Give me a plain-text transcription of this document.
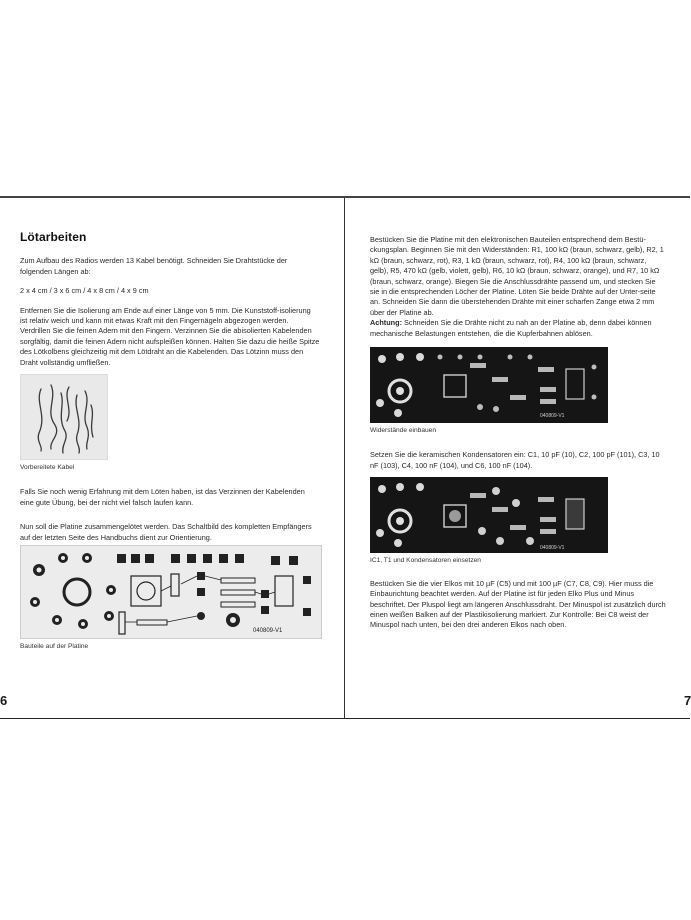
Lötarbeiten

Zum Aufbau des Radios werden 13 Kabel benötigt. Schneiden Sie Drahtstücke der folgenden Längen ab:

2 x 4 cm / 3 x 6 cm / 4 x 8 cm / 4 x 9 cm

Entfernen Sie die Isolierung am Ende auf einer Länge von 5 mm. Die Kunststoff-isolierung ist relativ weich und kann mit etwas Kraft mit den Fingernägeln abgezogen werden. Verdrillen Sie die feinen Adern mit den Fingern. Verzinnen Sie die abisolierten Kabelenden sorgfältig, damit die feinen Adern nicht aufspleißen können. Halten Sie dazu die heiße Spitze des Lötkolbens gleichzeitig mit dem Lötdraht an die Kabelenden. Das Lötzinn muss den Draht vollständig umfließen.

Vorbereitete Kabel

Falls Sie noch wenig Erfahrung mit dem Löten haben, ist das Verzinnen der Kabelenden eine gute Übung, bei der nicht viel falsch laufen kann.

Nun soll die Platine zusammengelötet werden. Das Schaltbild des kompletten Empfängers auf der letzten Seite des Handbuchs dient zur Orientierung.

040809-V1
Bauteile auf der Platine
6

Bestücken Sie die Platine mit den elektronischen Bauteilen entsprechend dem Bestü-ckungsplan. Beginnen Sie mit den Widerständen: R1, 100 kΩ (braun, schwarz, gelb), R2, 1 kΩ (braun, schwarz, rot), R3, 1 kΩ (braun, schwarz, rot), R4, 100 kΩ (braun, schwarz, gelb), R5, 470 kΩ (gelb, violett, gelb), R6, 10 kΩ (braun, schwarz, orange), und R7, 10 kΩ (braun, schwarz, orange). Biegen Sie die Anschlussdrähte passend um, und stecken Sie sie in die entsprechenden Löcher der Platine. Löten Sie beide Drähte auf der Unter-seite an. Schneiden Sie dann die überstehenden Drähte mit einer scharfen Zange etwa 2 mm über der Platine ab.

Achtung: Schneiden Sie die Drähte nicht zu nah an der Platine ab, denn dabei können mechanische Belastungen entstehen, die die Kupferbahnen ablösen.

040809-V1
Widerstände einbauen

Setzen Sie die keramischen Kondensatoren ein: C1, 10 pF (10), C2, 100 pF (101), C3, 10 nF (103), C4, 100 nF (104), und C6, 100 nF (104).

040809-V1
IC1, T1 und Kondensatoren einsetzen

Bestücken Sie die vier Elkos mit 10 µF (C5) und mit 100 µF (C7, C8, C9). Hier muss die Einbaurichtung beachtet werden. Auf der Platine ist für jeden Elko Plus und Minus beschriftet. Der Pluspol liegt am längeren Anschlussdraht. Der Minuspol ist zusätzlich durch einen weißen Balken auf der Plastikisolierung markiert. Zur Kontrolle: Bei C8 weist der Minuspol nach unten, bei den drei anderen Elkos nach oben.

7
